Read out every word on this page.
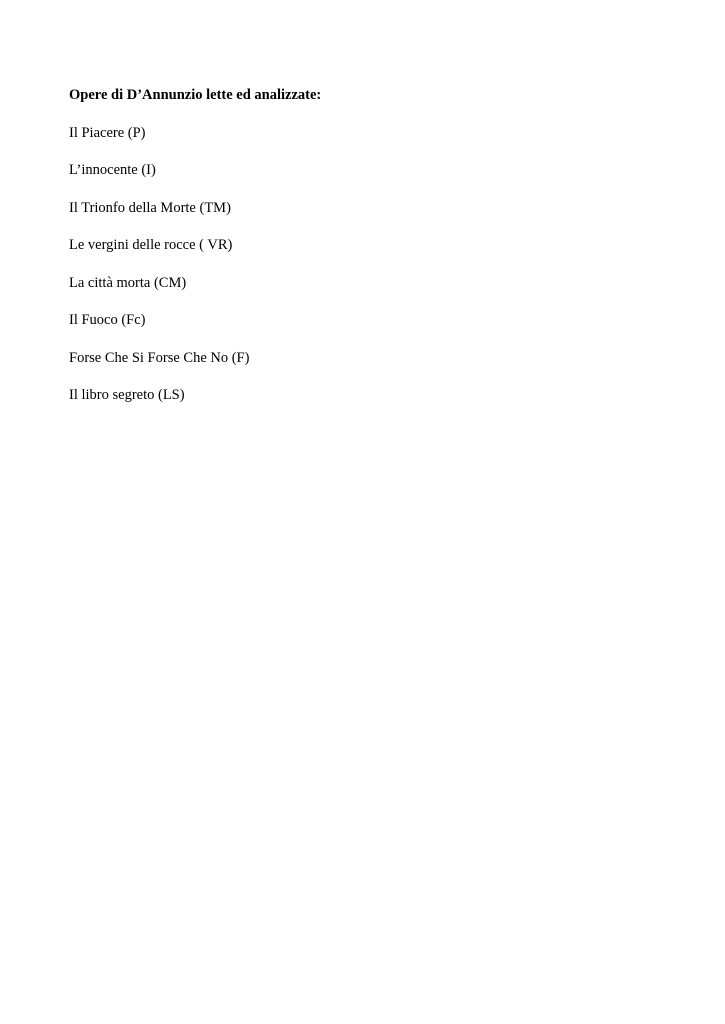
Opere di D’Annunzio lette ed analizzate:

Il Piacere (P)
L’innocente (I)
Il Trionfo della Morte (TM)
Le vergini delle rocce ( VR)
La città morta (CM)
Il Fuoco (Fc)
Forse Che Si Forse Che No (F)
Il libro segreto (LS)
